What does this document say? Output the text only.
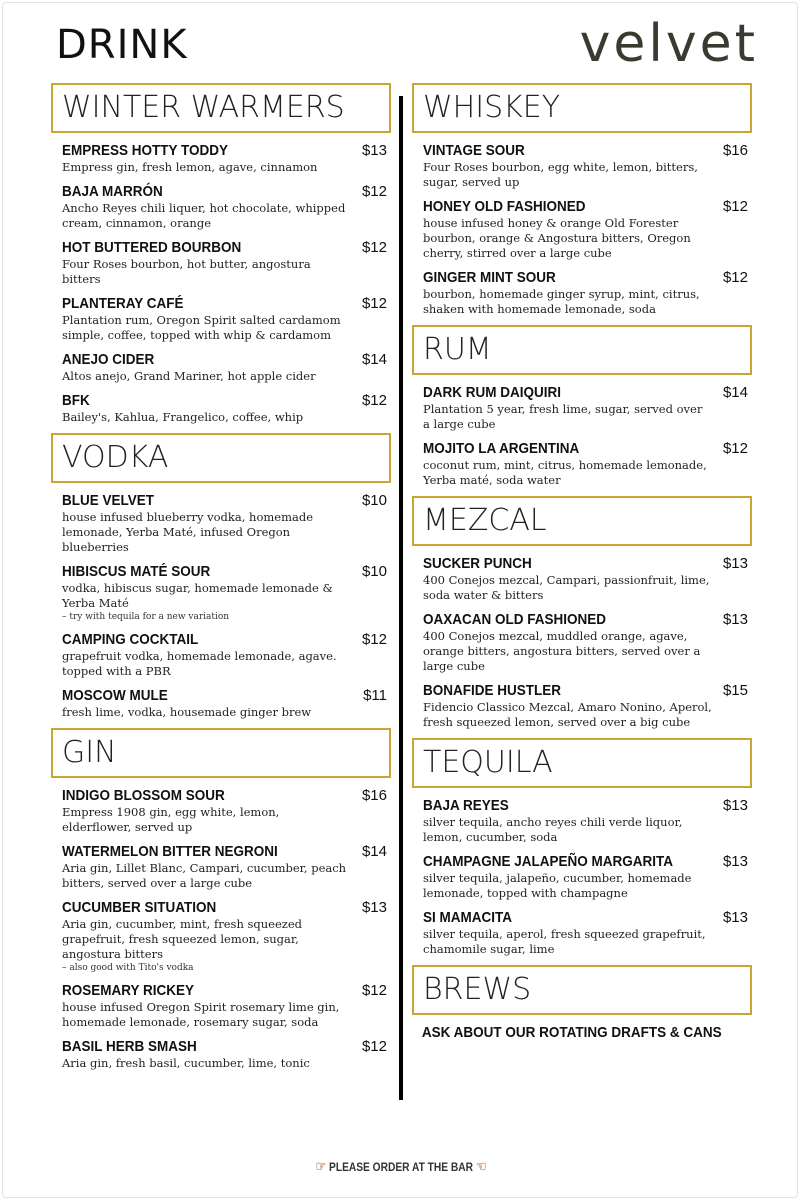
DRINK	velvet
WINTER WARMERS
EMPRESS HOTTY TODDY	$13
Empress gin, fresh lemon, agave, cinnamon
BAJA MARRÓN	$12
Ancho Reyes chili liquer, hot chocolate, whipped cream, cinnamon, orange
HOT BUTTERED BOURBON	$12
Four Roses bourbon, hot butter, angostura bitters
PLANTERAY CAFÉ	$12
Plantation rum, Oregon Spirit salted cardamom simple, coffee, topped with whip & cardamom
ANEJO CIDER	$14
Altos anejo, Grand Mariner, hot apple cider
BFK	$12
Bailey's, Kahlua, Frangelico, coffee, whip
VODKA
BLUE VELVET	$10
house infused blueberry vodka, homemade lemonade, Yerba Maté, infused Oregon blueberries
HIBISCUS MATÉ SOUR	$10
vodka, hibiscus sugar, homemade lemonade & Yerba Maté
– try with tequila for a new variation
CAMPING COCKTAIL	$12
grapefruit vodka, homemade lemonade, agave. topped with a PBR
MOSCOW MULE	$11
fresh lime, vodka, housemade ginger brew
GIN
INDIGO BLOSSOM SOUR	$16
Empress 1908 gin, egg white, lemon, elderflower, served up
WATERMELON BITTER NEGRONI	$14
Aria gin, Lillet Blanc, Campari, cucumber, peach bitters, served over a large cube
CUCUMBER SITUATION	$13
Aria gin, cucumber, mint, fresh squeezed grapefruit, fresh squeezed lemon, sugar, angostura bitters
– also good with Tito's vodka
ROSEMARY RICKEY	$12
house infused Oregon Spirit rosemary lime gin, homemade lemonade, rosemary sugar, soda
BASIL HERB SMASH	$12
Aria gin, fresh basil, cucumber, lime, tonic
WHISKEY
VINTAGE SOUR	$16
Four Roses bourbon, egg white, lemon, bitters, sugar, served up
HONEY OLD FASHIONED	$12
house infused honey & orange Old Forester bourbon, orange & Angostura bitters, Oregon cherry, stirred over a large cube
GINGER MINT SOUR	$12
bourbon, homemade ginger syrup, mint, citrus, shaken with homemade lemonade, soda
RUM
DARK RUM DAIQUIRI	$14
Plantation 5 year, fresh lime, sugar, served over a large cube
MOJITO LA ARGENTINA	$12
coconut rum, mint, citrus, homemade lemonade, Yerba maté, soda water
MEZCAL
SUCKER PUNCH	$13
400 Conejos mezcal, Campari, passionfruit, lime, soda water & bitters
OAXACAN OLD FASHIONED	$13
400 Conejos mezcal, muddled orange, agave, orange bitters, angostura bitters, served over a large cube
BONAFIDE HUSTLER	$15
Fidencio Classico Mezcal, Amaro Nonino, Aperol, fresh squeezed lemon, served over a big cube
TEQUILA
BAJA REYES	$13
silver tequila, ancho reyes chili verde liquor, lemon, cucumber, soda
CHAMPAGNE JALAPEÑO MARGARITA	$13
silver tequila, jalapeño, cucumber, homemade lemonade, topped with champagne
SI MAMACITA	$13
silver tequila, aperol, fresh squeezed grapefruit, chamomile sugar, lime
BREWS
ASK ABOUT OUR ROTATING DRAFTS & CANS
☞ PLEASE ORDER AT THE BAR ☜
